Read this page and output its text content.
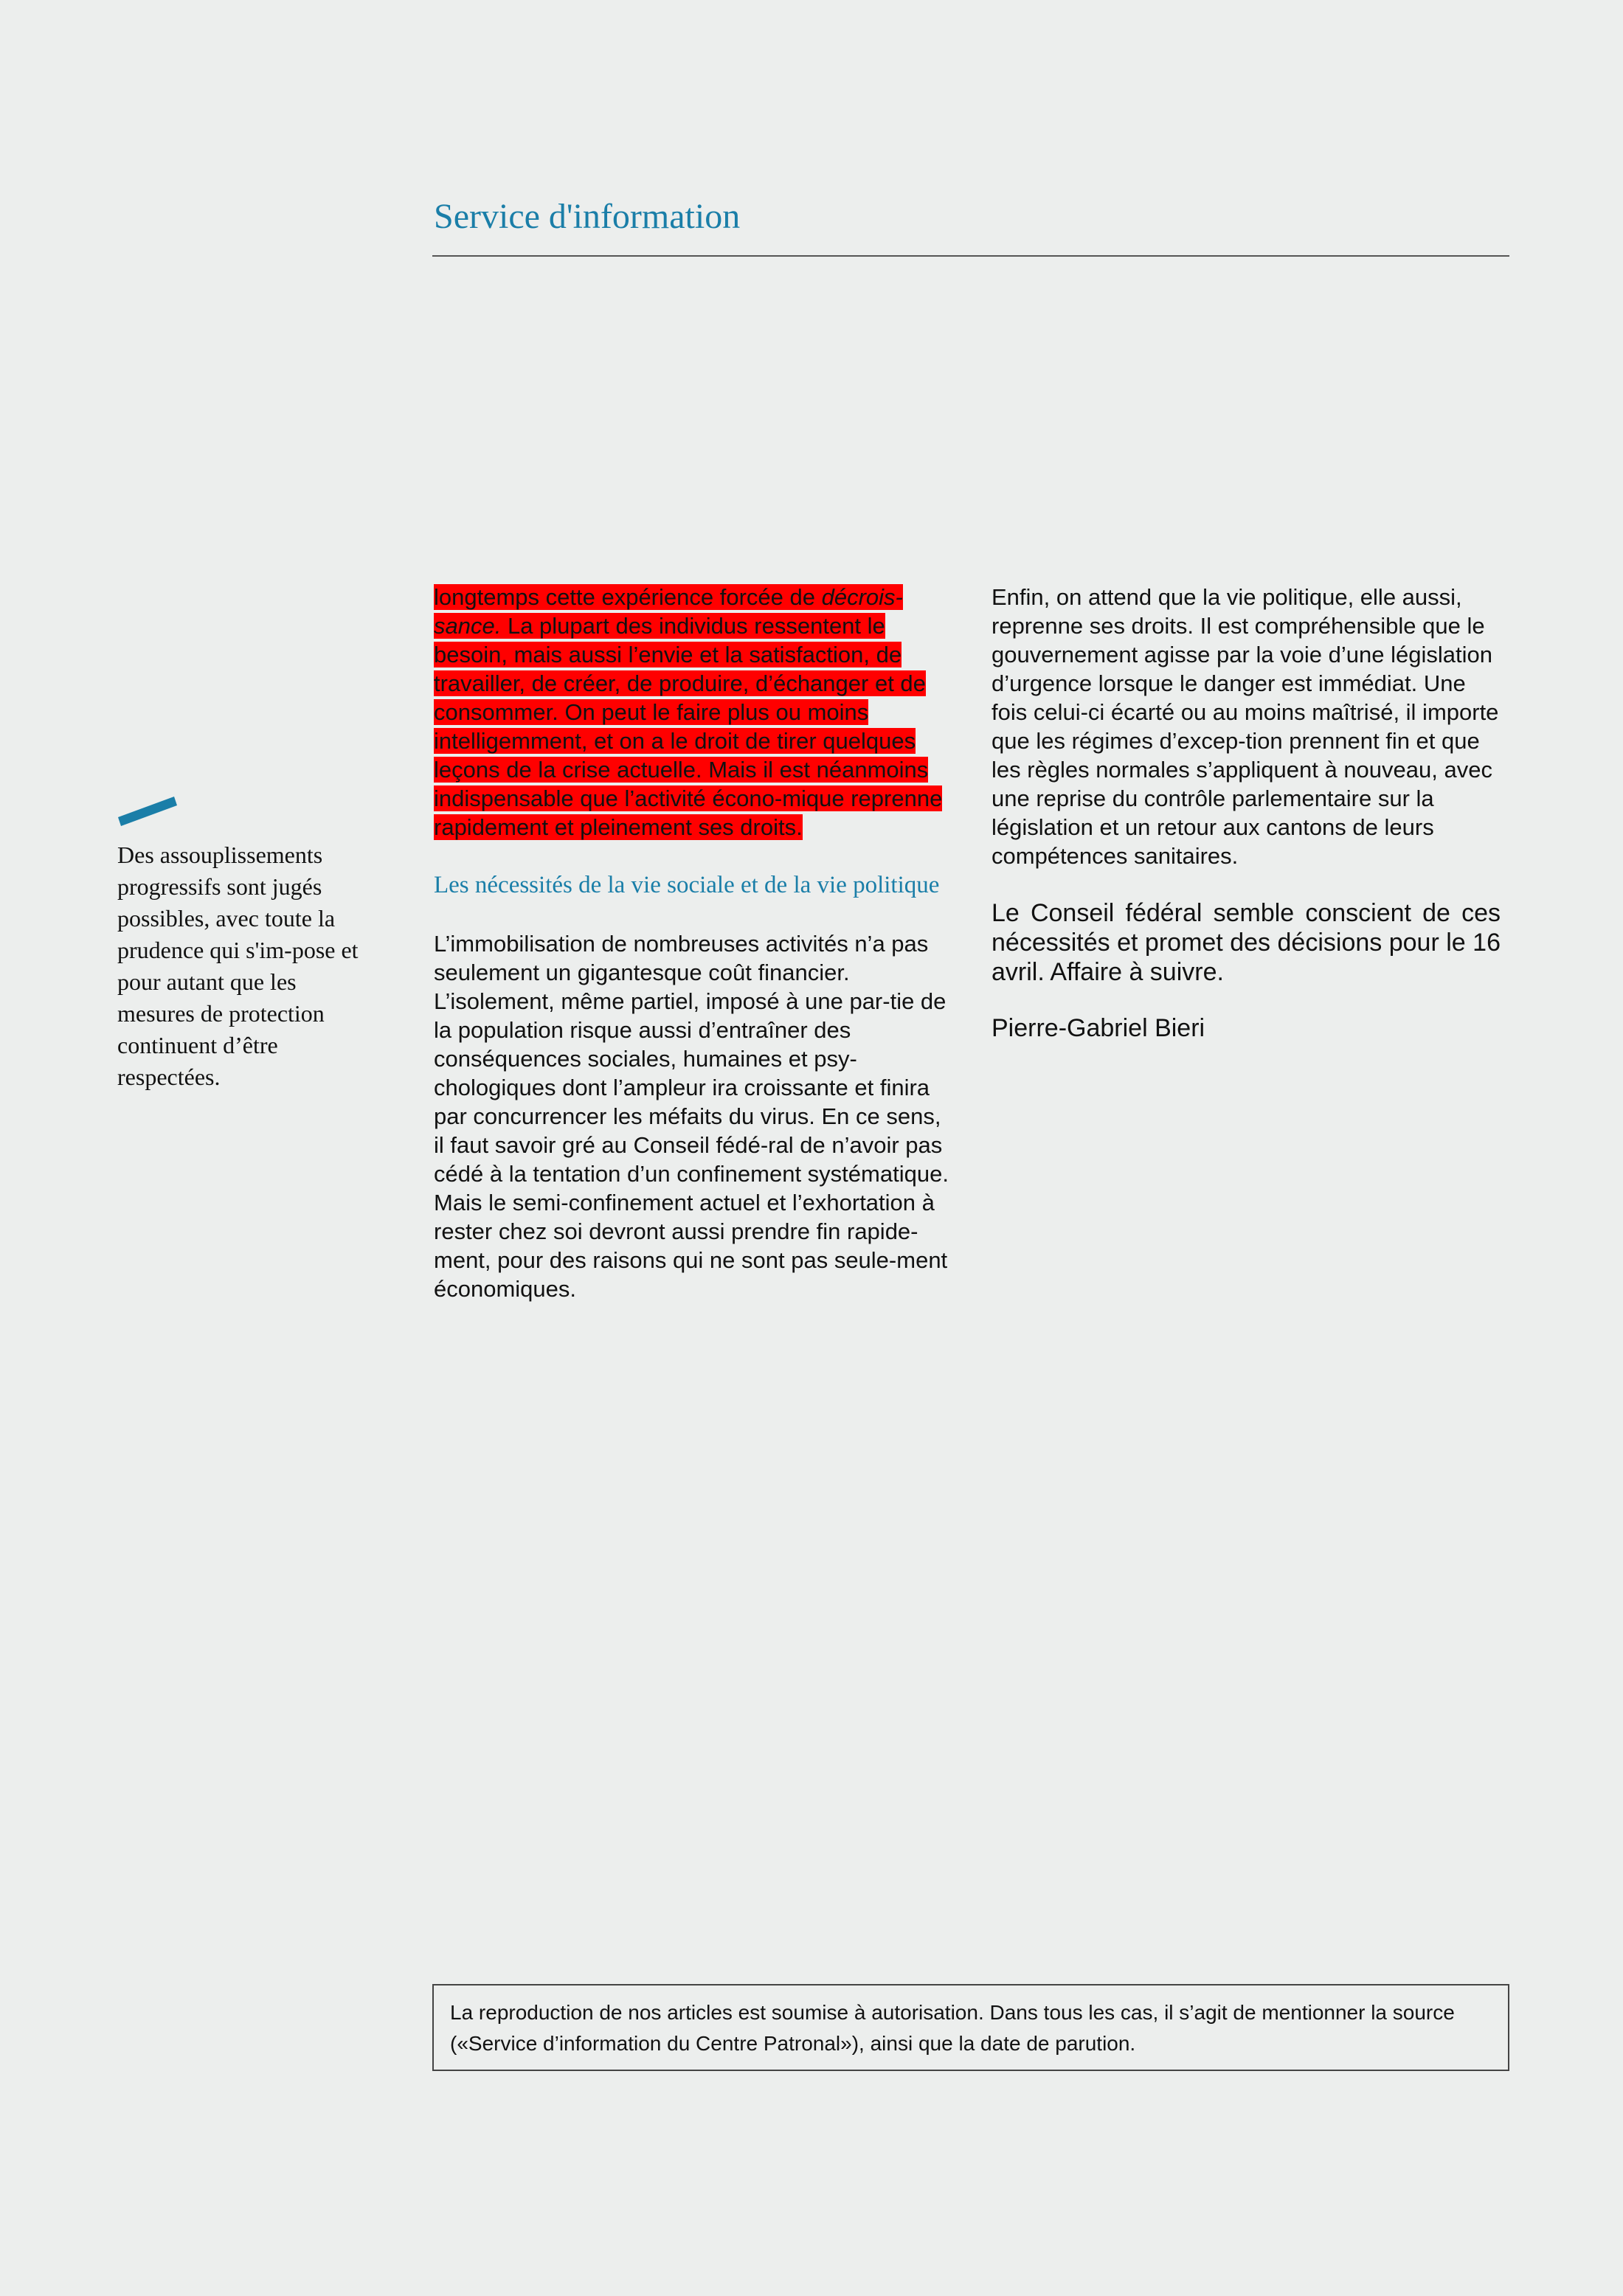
Service d'information
Des assouplissements progressifs sont jugés possibles, avec toute la prudence qui s'im-pose et pour autant que les mesures de protection continuent d’être respectées.

longtemps cette expérience forcée de décrois-sance. La plupart des individus ressentent le besoin, mais aussi l’envie et la satisfaction, de travailler, de créer, de produire, d’échanger et de consommer. On peut le faire plus ou moins intelligemment, et on a le droit de tirer quelques leçons de la crise actuelle. Mais il est néanmoins indispensable que l’activité écono-mique reprenne rapidement et pleinement ses droits.

Les nécessités de la vie sociale et de la vie politique

L’immobilisation de nombreuses activités n’a pas seulement un gigantesque coût financier. L’isolement, même partiel, imposé à une par-tie de la population risque aussi d’entraîner des conséquences sociales, humaines et psy-chologiques dont l’ampleur ira croissante et finira par concurrencer les méfaits du virus. En ce sens, il faut savoir gré au Conseil fédé-ral de n’avoir pas cédé à la tentation d’un confinement systématique. Mais le semi-confinement actuel et l’exhortation à rester chez soi devront aussi prendre fin rapide-ment, pour des raisons qui ne sont pas seule-ment économiques.

Enfin, on attend que la vie politique, elle aussi, reprenne ses droits. Il est compréhensible que le gouvernement agisse par la voie d’une législation d’urgence lorsque le danger est immédiat. Une fois celui-ci écarté ou au moins maîtrisé, il importe que les régimes d’excep-tion prennent fin et que les règles normales s’appliquent à nouveau, avec une reprise du contrôle parlementaire sur la législation et un retour aux cantons de leurs compétences sanitaires.

Le Conseil fédéral semble conscient de ces nécessités et promet des décisions pour le 16 avril. Affaire à suivre.

Pierre-Gabriel Bieri

La reproduction de nos articles est soumise à autorisation. Dans tous les cas, il s’agit de mentionner la source («Service d’information du Centre Patronal»), ainsi que la date de parution.
